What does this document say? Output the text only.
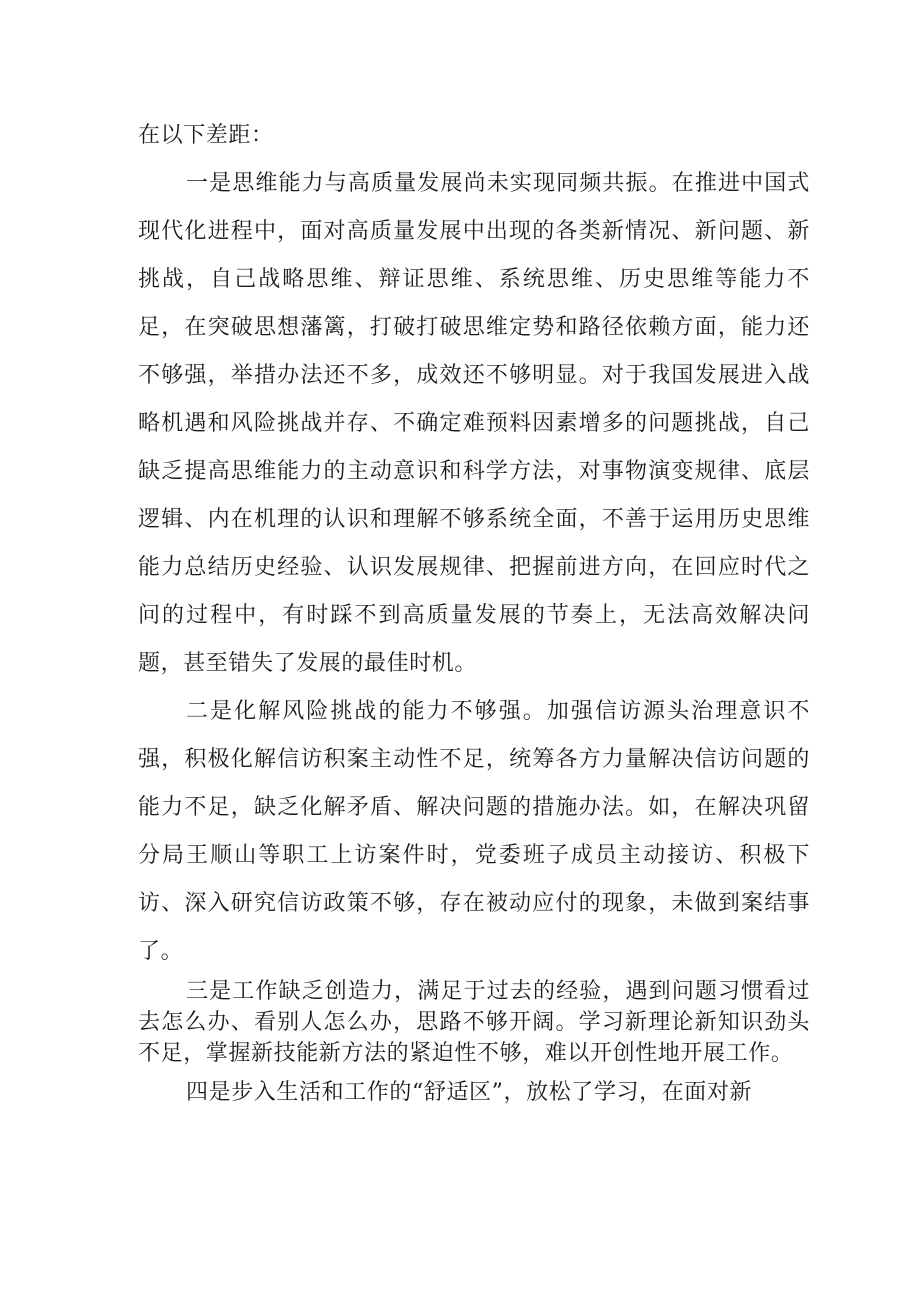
在以下差距：

一是思维能力与高质量发展尚未实现同频共振。在推进中国式现代化进程中，面对高质量发展中出现的各类新情况、新问题、新挑战，自己战略思维、辩证思维、系统思维、历史思维等能力不足，在突破思想藩篱，打破打破思维定势和路径依赖方面，能力还不够强，举措办法还不多，成效还不够明显。对于我国发展进入战略机遇和风险挑战并存、不确定难预料因素增多的问题挑战，自己缺乏提高思维能力的主动意识和科学方法，对事物演变规律、底层逻辑、内在机理的认识和理解不够系统全面，不善于运用历史思维能力总结历史经验、认识发展规律、把握前进方向，在回应时代之问的过程中，有时踩不到高质量发展的节奏上，无法高效解决问题，甚至错失了发展的最佳时机。

二是化解风险挑战的能力不够强。加强信访源头治理意识不强，积极化解信访积案主动性不足，统筹各方力量解决信访问题的能力不足，缺乏化解矛盾、解决问题的措施办法。如，在解决巩留分局王顺山等职工上访案件时，党委班子成员主动接访、积极下访、深入研究信访政策不够，存在被动应付的现象，未做到案结事了。

三是工作缺乏创造力，满足于过去的经验，遇到问题习惯看过去怎么办、看别人怎么办，思路不够开阔。学习新理论新知识劲头不足，掌握新技能新方法的紧迫性不够，难以开创性地开展工作。

四是步入生活和工作的“舒适区”，放松了学习，在面对新
